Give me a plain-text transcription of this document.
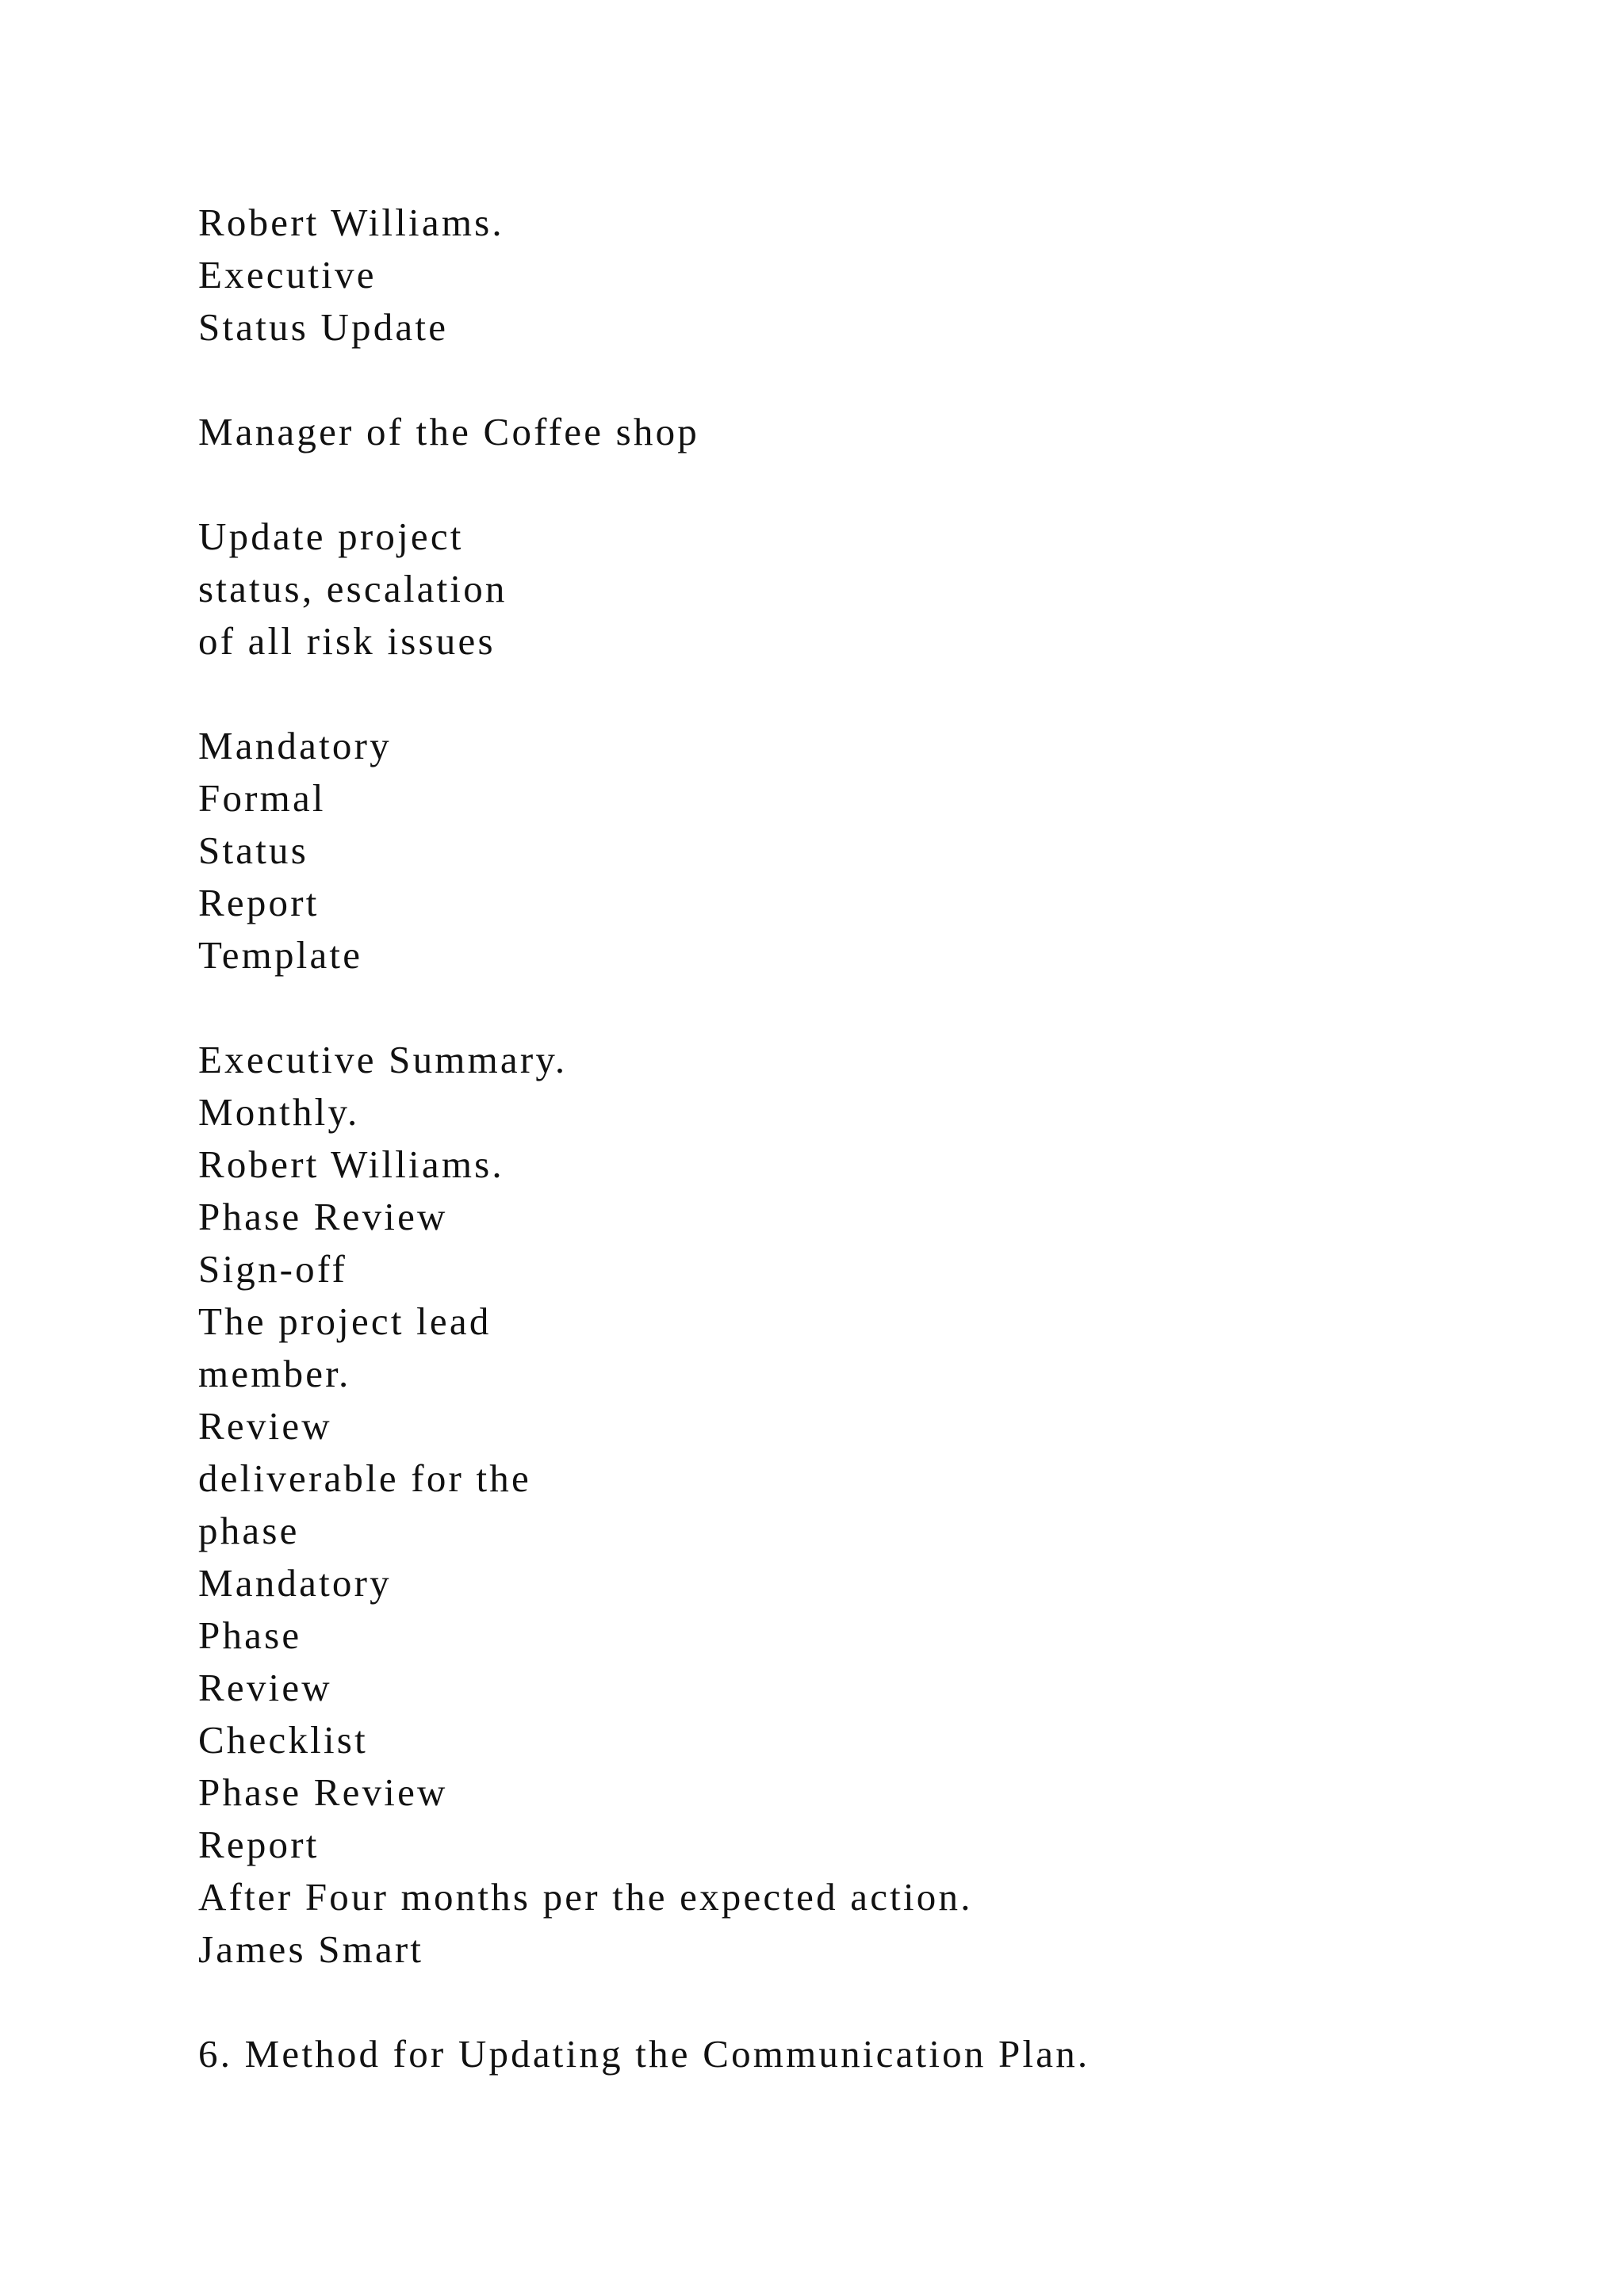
Robert Williams.
Executive
Status Update
Manager of the Coffee shop
Update project
status, escalation
of all risk issues
Mandatory
Formal
Status
Report
Template
Executive Summary.
Monthly.
Robert Williams.
Phase Review
Sign-off
The project lead
member.
Review
deliverable for the
phase
Mandatory
Phase
Review
Checklist
Phase Review
Report
After Four months per the expected action.
James Smart
6. Method for Updating the Communication Plan.
